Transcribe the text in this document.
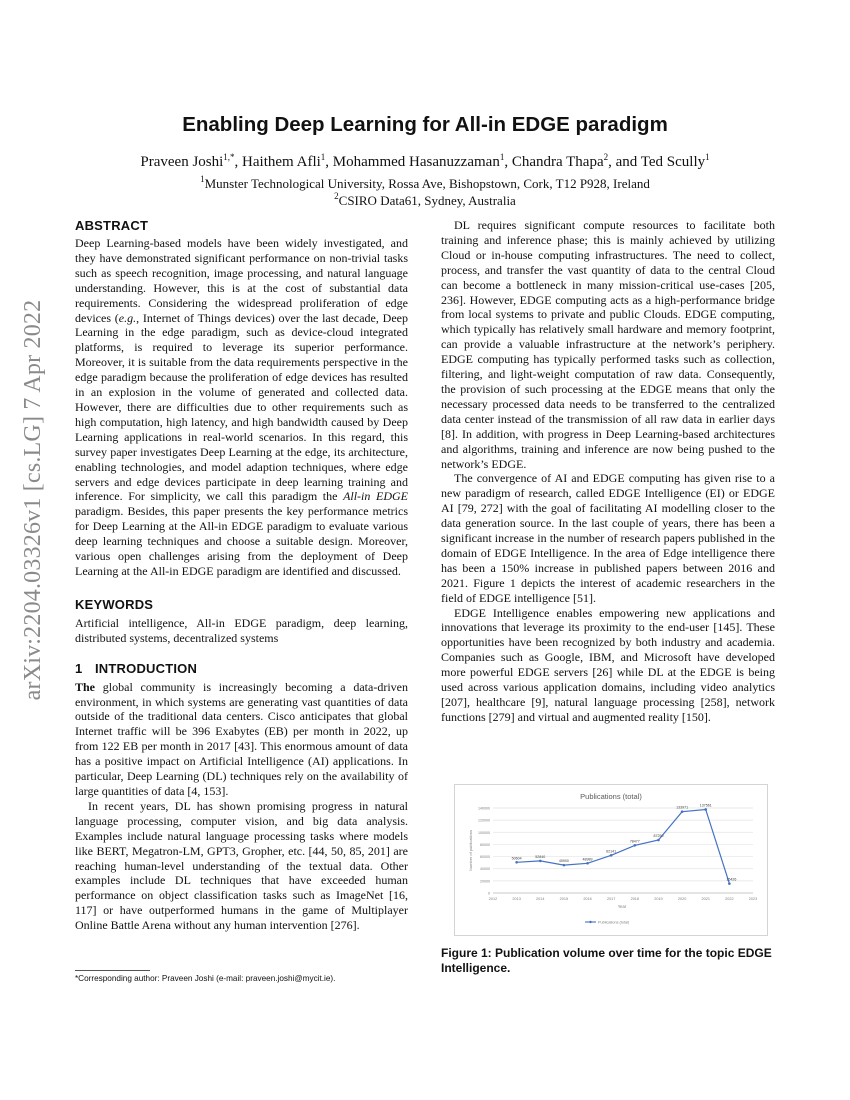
arXiv:2204.03326v1 [cs.LG] 7 Apr 2022
Enabling Deep Learning for All-in EDGE paradigm
Praveen Joshi$^{1,*}$, Haithem Afli$^1$, Mohammed Hasanuzzaman$^1$, Chandra Thapa$^2$, and Ted Scully$^1$
$^1$Munster Technological University, Rossa Ave, Bishopstown, Cork, T12 P928, Ireland
$^2$CSIRO Data61, Sydney, Australia
ABSTRACT

Deep Learning-based models have been widely investigated, and they have demonstrated significant performance on non-trivial tasks such as speech recognition, image processing, and natural language understanding. However, this is at the cost of substantial data requirements. Considering the widespread proliferation of edge devices (e.g., Internet of Things devices) over the last decade, Deep Learning in the edge paradigm, such as device-cloud integrated platforms, is required to leverage its superior performance. Moreover, it is suitable from the data requirements perspective in the edge paradigm because the proliferation of edge devices has resulted in an explosion in the volume of generated and collected data. However, there are difficulties due to other requirements such as high computation, high latency, and high bandwidth caused by Deep Learning applications in real-world scenarios. In this regard, this survey paper investigates Deep Learning at the edge, its architecture, enabling technologies, and model adaption techniques, where edge servers and edge devices participate in deep learning training and inference. For simplicity, we call this paradigm the All-in EDGE paradigm. Besides, this paper presents the key performance metrics for Deep Learning at the All-in EDGE paradigm to evaluate various deep learning techniques and choose a suitable design. Moreover, various open challenges arising from the deployment of Deep Learning at the All-in EDGE paradigm are identified and discussed.

KEYWORDS

Artificial intelligence, All-in EDGE paradigm, deep learning, distributed systems, decentralized systems

1 INTRODUCTION

The global community is increasingly becoming a data-driven environment, in which systems are generating vast quantities of data outside of the traditional data centers. Cisco anticipates that global Internet traffic will be 396 Exabytes (EB) per month in 2022, up from 122 EB per month in 2017 [43]. This enormous amount of data has a positive impact on Artificial Intelligence (AI) applications. In particular, Deep Learning (DL) techniques rely on the availability of large quantities of data [4, 153].

In recent years, DL has shown promising progress in natural language processing, computer vision, and big data analysis. Examples include natural language processing tasks where models like BERT, Megatron-LM, GPT3, Gropher, etc. [44, 50, 85, 201] are reaching human-level understanding of the textual data. Other examples include DL techniques that have exceeded human performance on object classification tasks such as ImageNet [16, 117] or have outperformed humans in the game of Multiplayer Online Battle Arena without any human intervention [276].

DL requires significant compute resources to facilitate both training and inference phase; this is mainly achieved by utilizing Cloud or in-house computing infrastructures. The need to collect, process, and transfer the vast quantity of data to the central Cloud can become a bottleneck in many mission-critical use-cases [205, 236]. However, EDGE computing acts as a high-performance bridge from local systems to private and public Clouds. EDGE computing, which typically has relatively small hardware and memory footprint, can provide a valuable infrastructure at the network’s periphery. EDGE computing has typically performed tasks such as collection, filtering, and light-weight computation of raw data. Consequently, the provision of such processing at the EDGE means that only the necessary processed data needs to be transferred to the centralized data center instead of the transmission of all raw data in earlier days [8]. In addition, with progress in Deep Learning-based architectures and algorithms, training and inference are now being pushed to the network’s EDGE.

The convergence of AI and EDGE computing has given rise to a new paradigm of research, called EDGE Intelligence (EI) or EDGE AI [79, 272] with the goal of facilitating AI modelling closer to the data generation source. In the last couple of years, there has been a significant increase in the number of research papers published in the domain of EDGE Intelligence. In the area of Edge intelligence there has been a 150% increase in published papers between 2016 and 2021. Figure 1 depicts the interest of academic researchers in the field of EDGE intelligence [51].

EDGE Intelligence enables empowering new applications and innovations that leverage its proximity to the end-user [145]. These opportunities have been recognized by both industry and academia. Companies such as Google, IBM, and Microsoft have developed more powerful EDGE servers [26] while DL at the EDGE is being used across various application domains, including video analytics [207], healthcare [9], natural language processing [258], network functions [279] and virtual and augmented reality [150].

Publications (total)
0
20000
40000
60000
80000
100000
120000
140000
2012	2013	2014	2015	2016	2017	2018	2019	2020	2021	2022	2023
Year
Number of publications	50604	52840
45900	48989
62141
78477
87250
133971
137561
15426
Publications (total)
Figure 1: Publication volume over time for the topic EDGE Intelligence.
*Corresponding author: Praveen Joshi (e-mail: praveen.joshi@mycit.ie).
